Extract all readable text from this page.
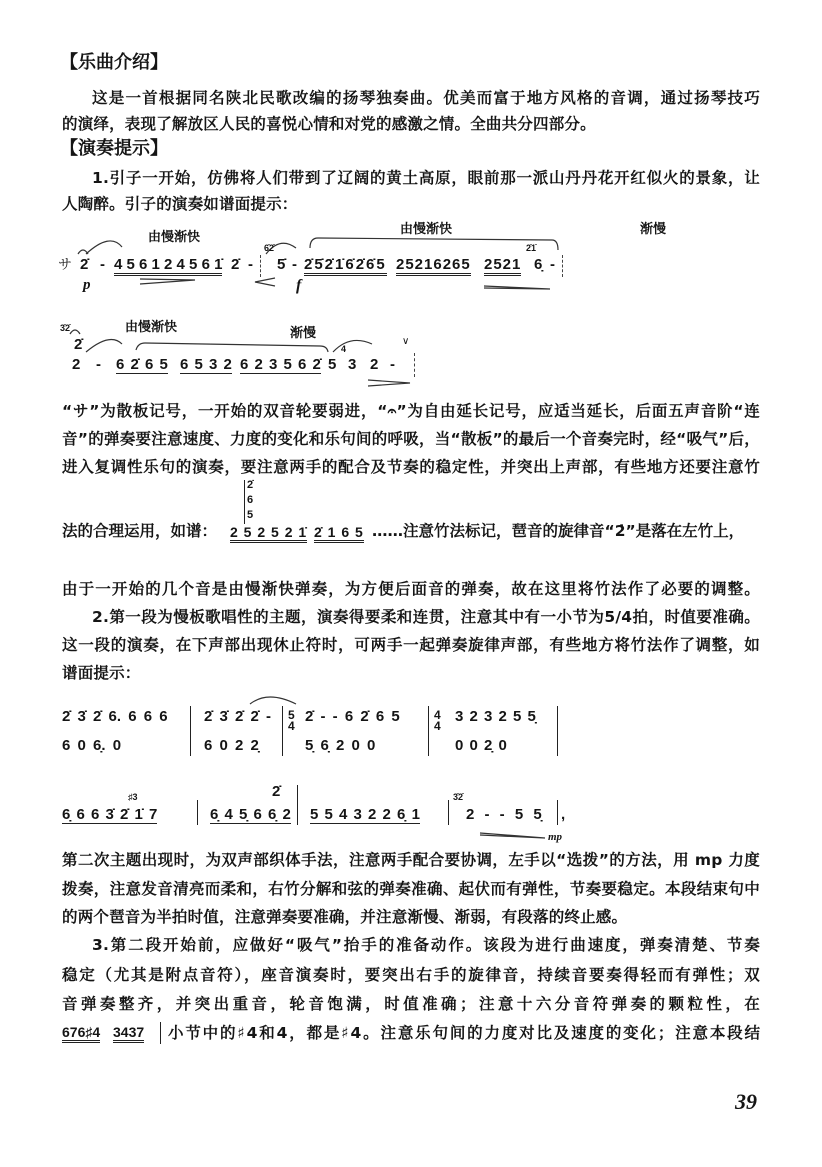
【乐曲介绍】
这是一首根据同名陕北民歌改编的扬琴独奏曲。优美而富于地方风格的音调，通过扬琴技巧
的演绎，表现了解放区人民的喜悦心情和对党的感激之情。全曲共分四部分。
【演奏提示】
1.引子一开始，仿佛将人们带到了辽阔的黄土高原，眼前那一派山丹丹花开红似火的景象，让
人陶醉。引子的演奏如谱面提示：
サ
由慢渐快
由慢渐快	渐慢
2̇ - 4 5 6 1 2 4 5 6 1̇ 2̇ -
6̇2̇
5̇ - 2̇5̇2̇1̇6̇2̇6̇5 25216265 2521
2̇1̇
6̣ -
p	f
3̇2̇
2̇
由慢渐快	渐慢
2 - 6 2̇ 6 5 6 5 3 2 6 2 3 5 6 2̇ 5
4
3 2 -
∨
“サ”为散板记号，一开始的双音轮要弱进，“𝄐”为自由延长记号，应适当延长，后面五声音阶“连
音”的弹奏要注意速度、力度的变化和乐句间的呼吸，当“散板”的最后一个音奏完时，经“吸气”后，
进入复调性乐句的演奏，要注意两手的配合及节奏的稳定性，并突出上声部，有些地方还要注意竹
法的合理运用，如谱：
2̇
6
5
2 5 2 5 2 1̇ 2̇ 1 6 5 ……注意竹法标记，琶音的旋律音“2̇”是落在左竹上，
由于一开始的几个音是由慢渐快弹奏，为方便后面音的弹奏，故在这里将竹法作了必要的调整。
2.第一段为慢板歌唱性的主题，演奏得要柔和连贯，注意其中有一小节为5/4拍，时值要准确。
这一段的演奏，在下声部出现休止符时，可两手一起弹奏旋律声部，有些地方将竹法作了调整，如
谱面提示：
2̇ 3̇ 2̇ 6. 6 6 6
6 0 6̣. 0
2̇ 3̇ 2̇ 2̇ -
6 0 2 2̣
5
4
2̇ - - 6 2̇ 6 5
5̣ 6̣ 2 0 0
4
4
3 2 3 2 5 5̣
0 0 2̣ 0
2̇
♯3
6̣ 6 6 3̇ 2̇ 1̇ 7	6̣ 4 5̣ 6 6̣ 2 5 5 4 3 2 2 6̣ 1
3̇2̇
2 - - 5 5̣ ,
mp
第二次主题出现时，为双声部织体手法，注意两手配合要协调，左手以“选拨”的方法，用 mp 力度
拨奏，注意发音清亮而柔和，右竹分解和弦的弹奏准确、起伏而有弹性，节奏要稳定。本段结束句中
的两个琶音为半拍时值，注意弹奏要准确，并注意渐慢、渐弱，有段落的终止感。
3.第二段开始前，应做好“吸气”抬手的准备动作。该段为进行曲速度，弹奏清楚、节奏
稳定（尤其是附点音符），座音演奏时，要突出右手的旋律音，持续音要奏得轻而有弹性；双
音弹奏整齐，并突出重音，轮音饱满，时值准确；注意十六分音符弹奏的颗粒性，在
676♯4 3437 小节中的♯4和4，都是♯4。注意乐句间的力度对比及速度的变化；注意本段结
39
